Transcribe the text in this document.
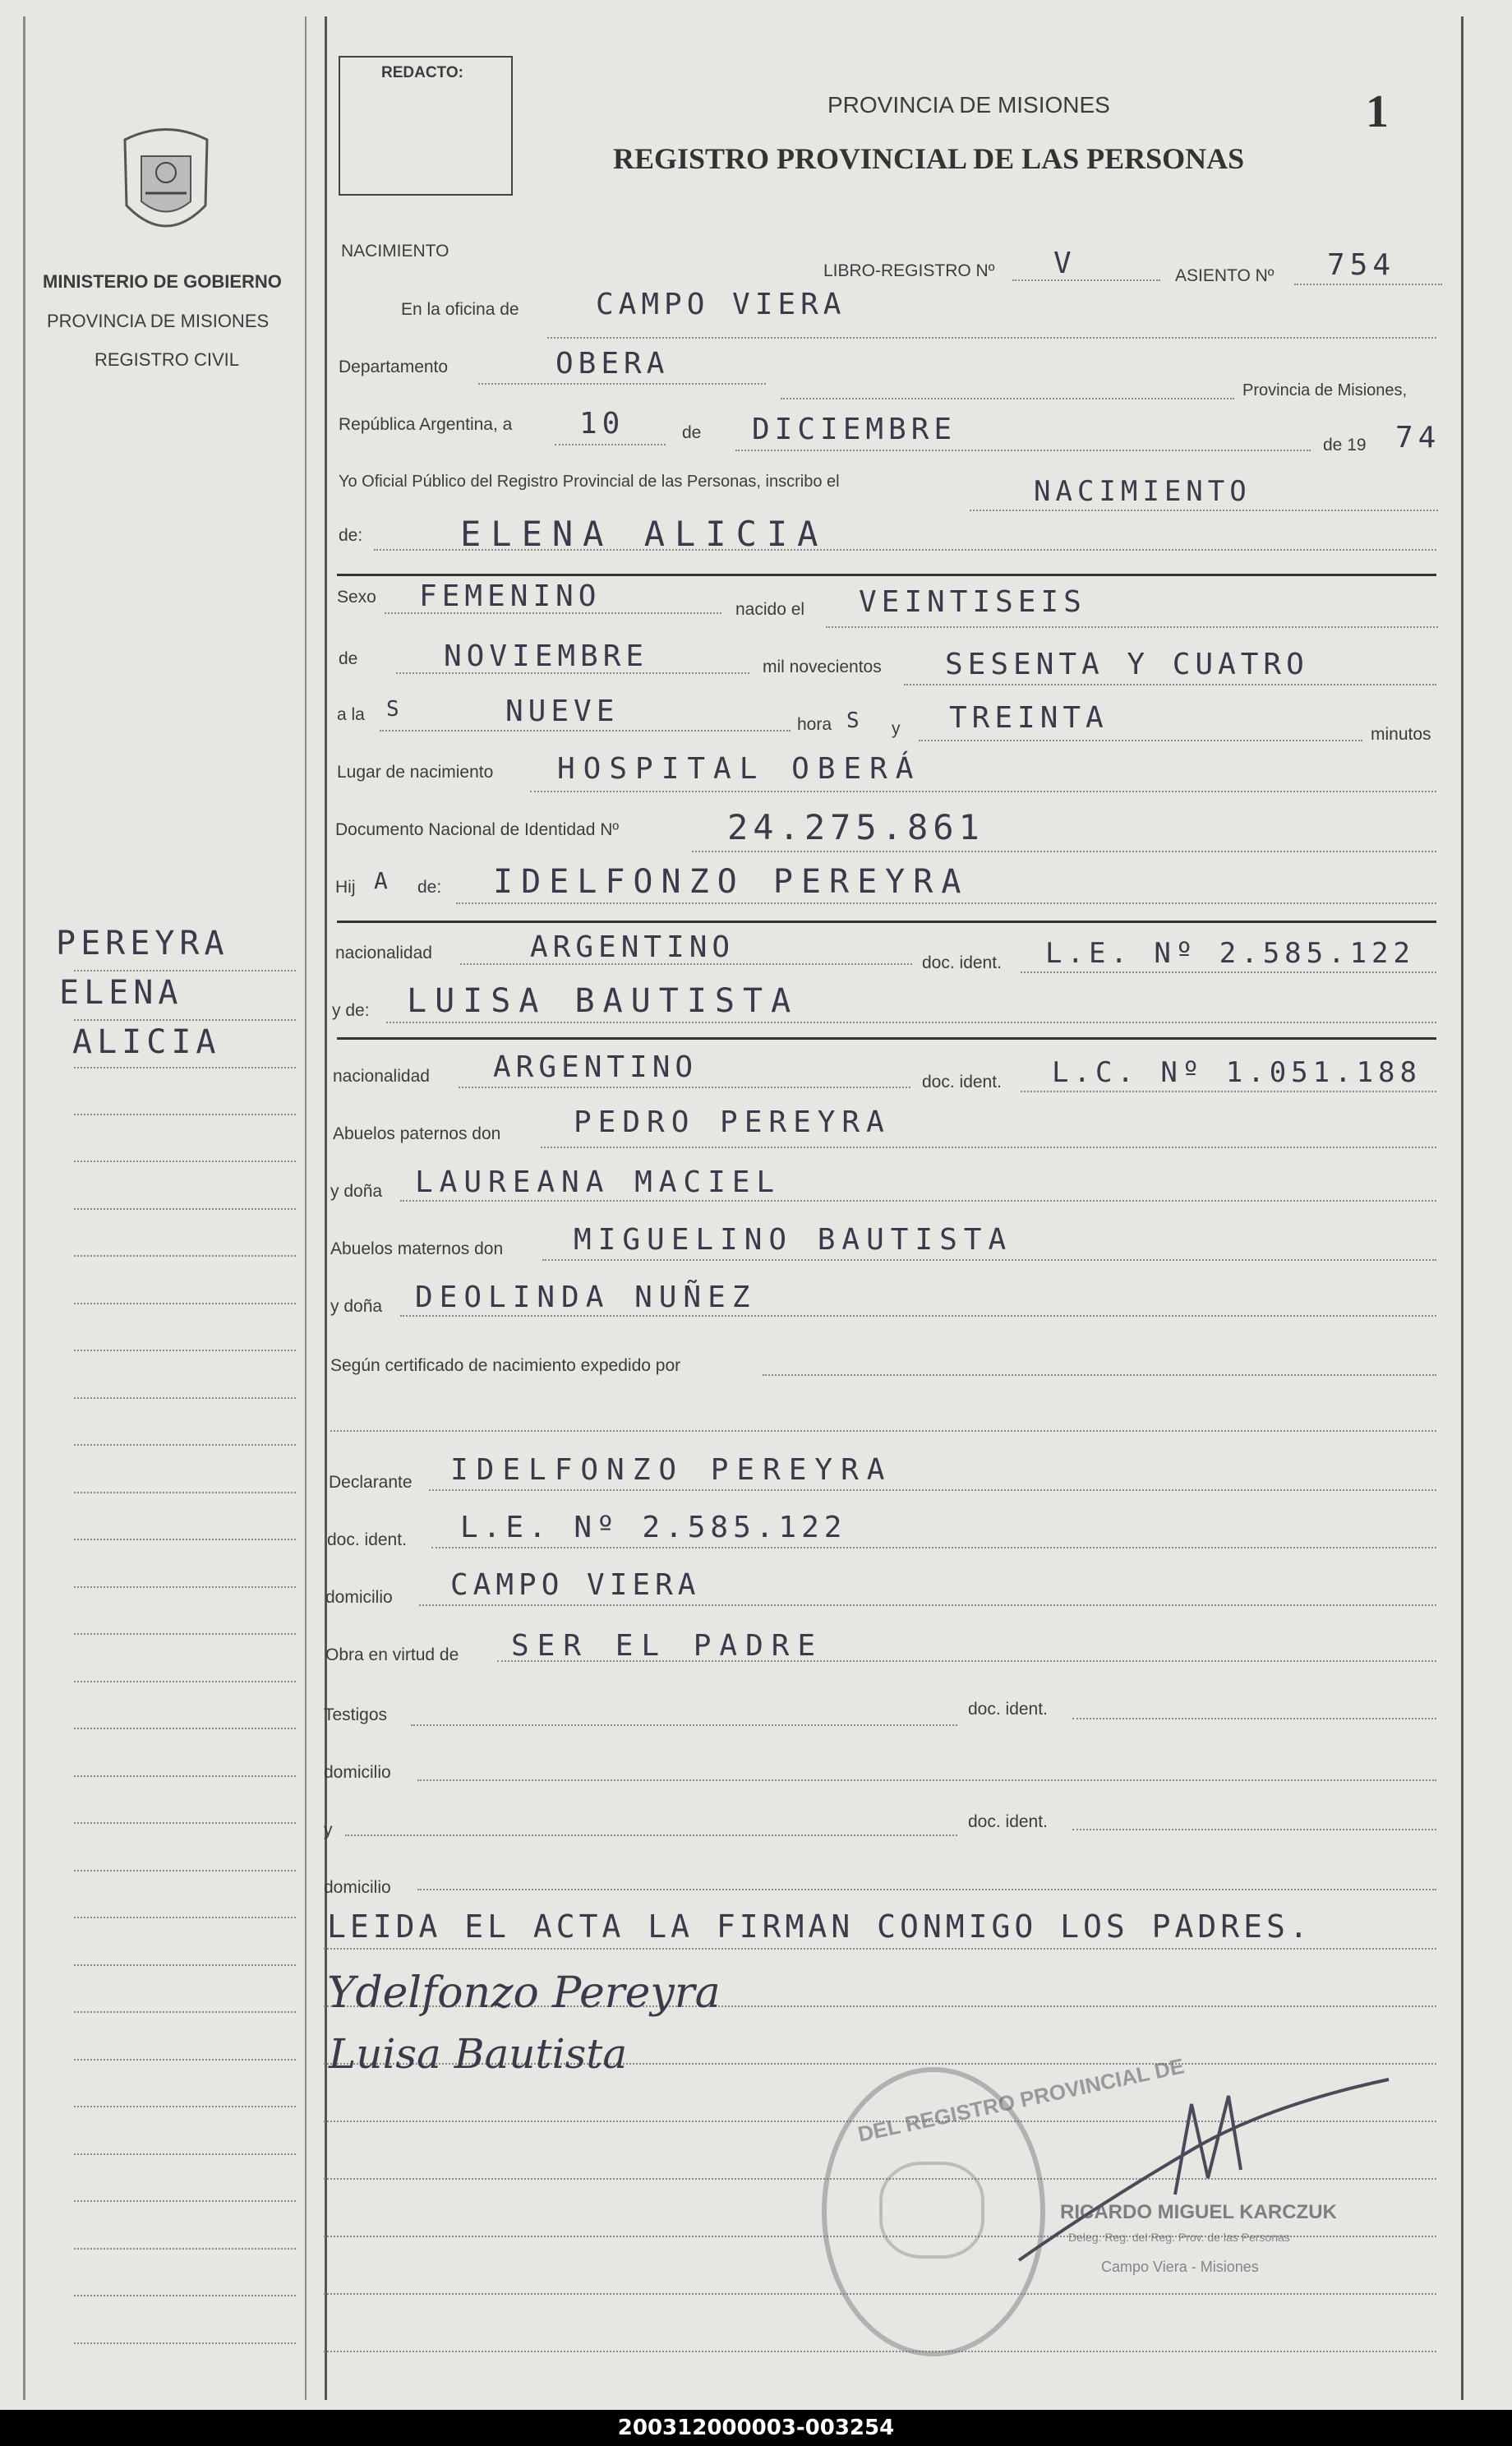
MINISTERIO DE GOBIERNO
PROVINCIA DE MISIONES
REGISTRO CIVIL
PEREYRA
ELENA
ALICIA
REDACTO:
PROVINCIA DE MISIONES
REGISTRO PROVINCIAL DE LAS PERSONAS
1
NACIMIENTO
LIBRO-REGISTRO Nº V	ASIENTO Nº 754
En la oficina de	CAMPO VIERA
Departamento	OBERA
Provincia de Misiones,
República Argentina, a 10	de DICIEMBRE	de 19 74
Yo Oficial Público del Registro Provincial de las Personas, inscribo el	NACIMIENTO
de:	ELENA ALICIA
Sexo FEMENINO	nacido el VEINTISEIS
de	NOVIEMBRE	mil novecientos SESENTA Y CUATRO
a la S	NUEVE	hora S y TREINTA	minutos
Lugar de nacimiento HOSPITAL OBERÁ
Documento Nacional de Identidad Nº	24.275.861
Hij A de: IDELFONZO PEREYRA
nacionalidad	ARGENTINO	doc. ident. L.E. Nº 2.585.122
y de: LUISA BAUTISTA
nacionalidad ARGENTINO	doc. ident. L.C. Nº 1.051.188
Abuelos paternos don PEDRO PEREYRA
y doña LAUREANA MACIEL
Abuelos maternos don MIGUELINO BAUTISTA
y doña DEOLINDA NUÑEZ
Según certificado de nacimiento expedido por
Declarante IDELFONZO PEREYRA
doc. ident. L.E. Nº 2.585.122
domicilio CAMPO VIERA
Obra en virtud de SER EL PADRE
Testigos	doc. ident.
domicilio
y	doc. ident.
domicilio
LEIDA EL ACTA LA FIRMAN CONMIGO LOS PADRES.
Ydelfonzo Pereyra
Luisa Bautista	DEL REGISTRO PROVINCIAL DE
RICARDO MIGUEL KARCZUK
Deleg. Reg. del Reg. Prov. de las Personas
Campo Viera - Misiones
200312000003-003254
